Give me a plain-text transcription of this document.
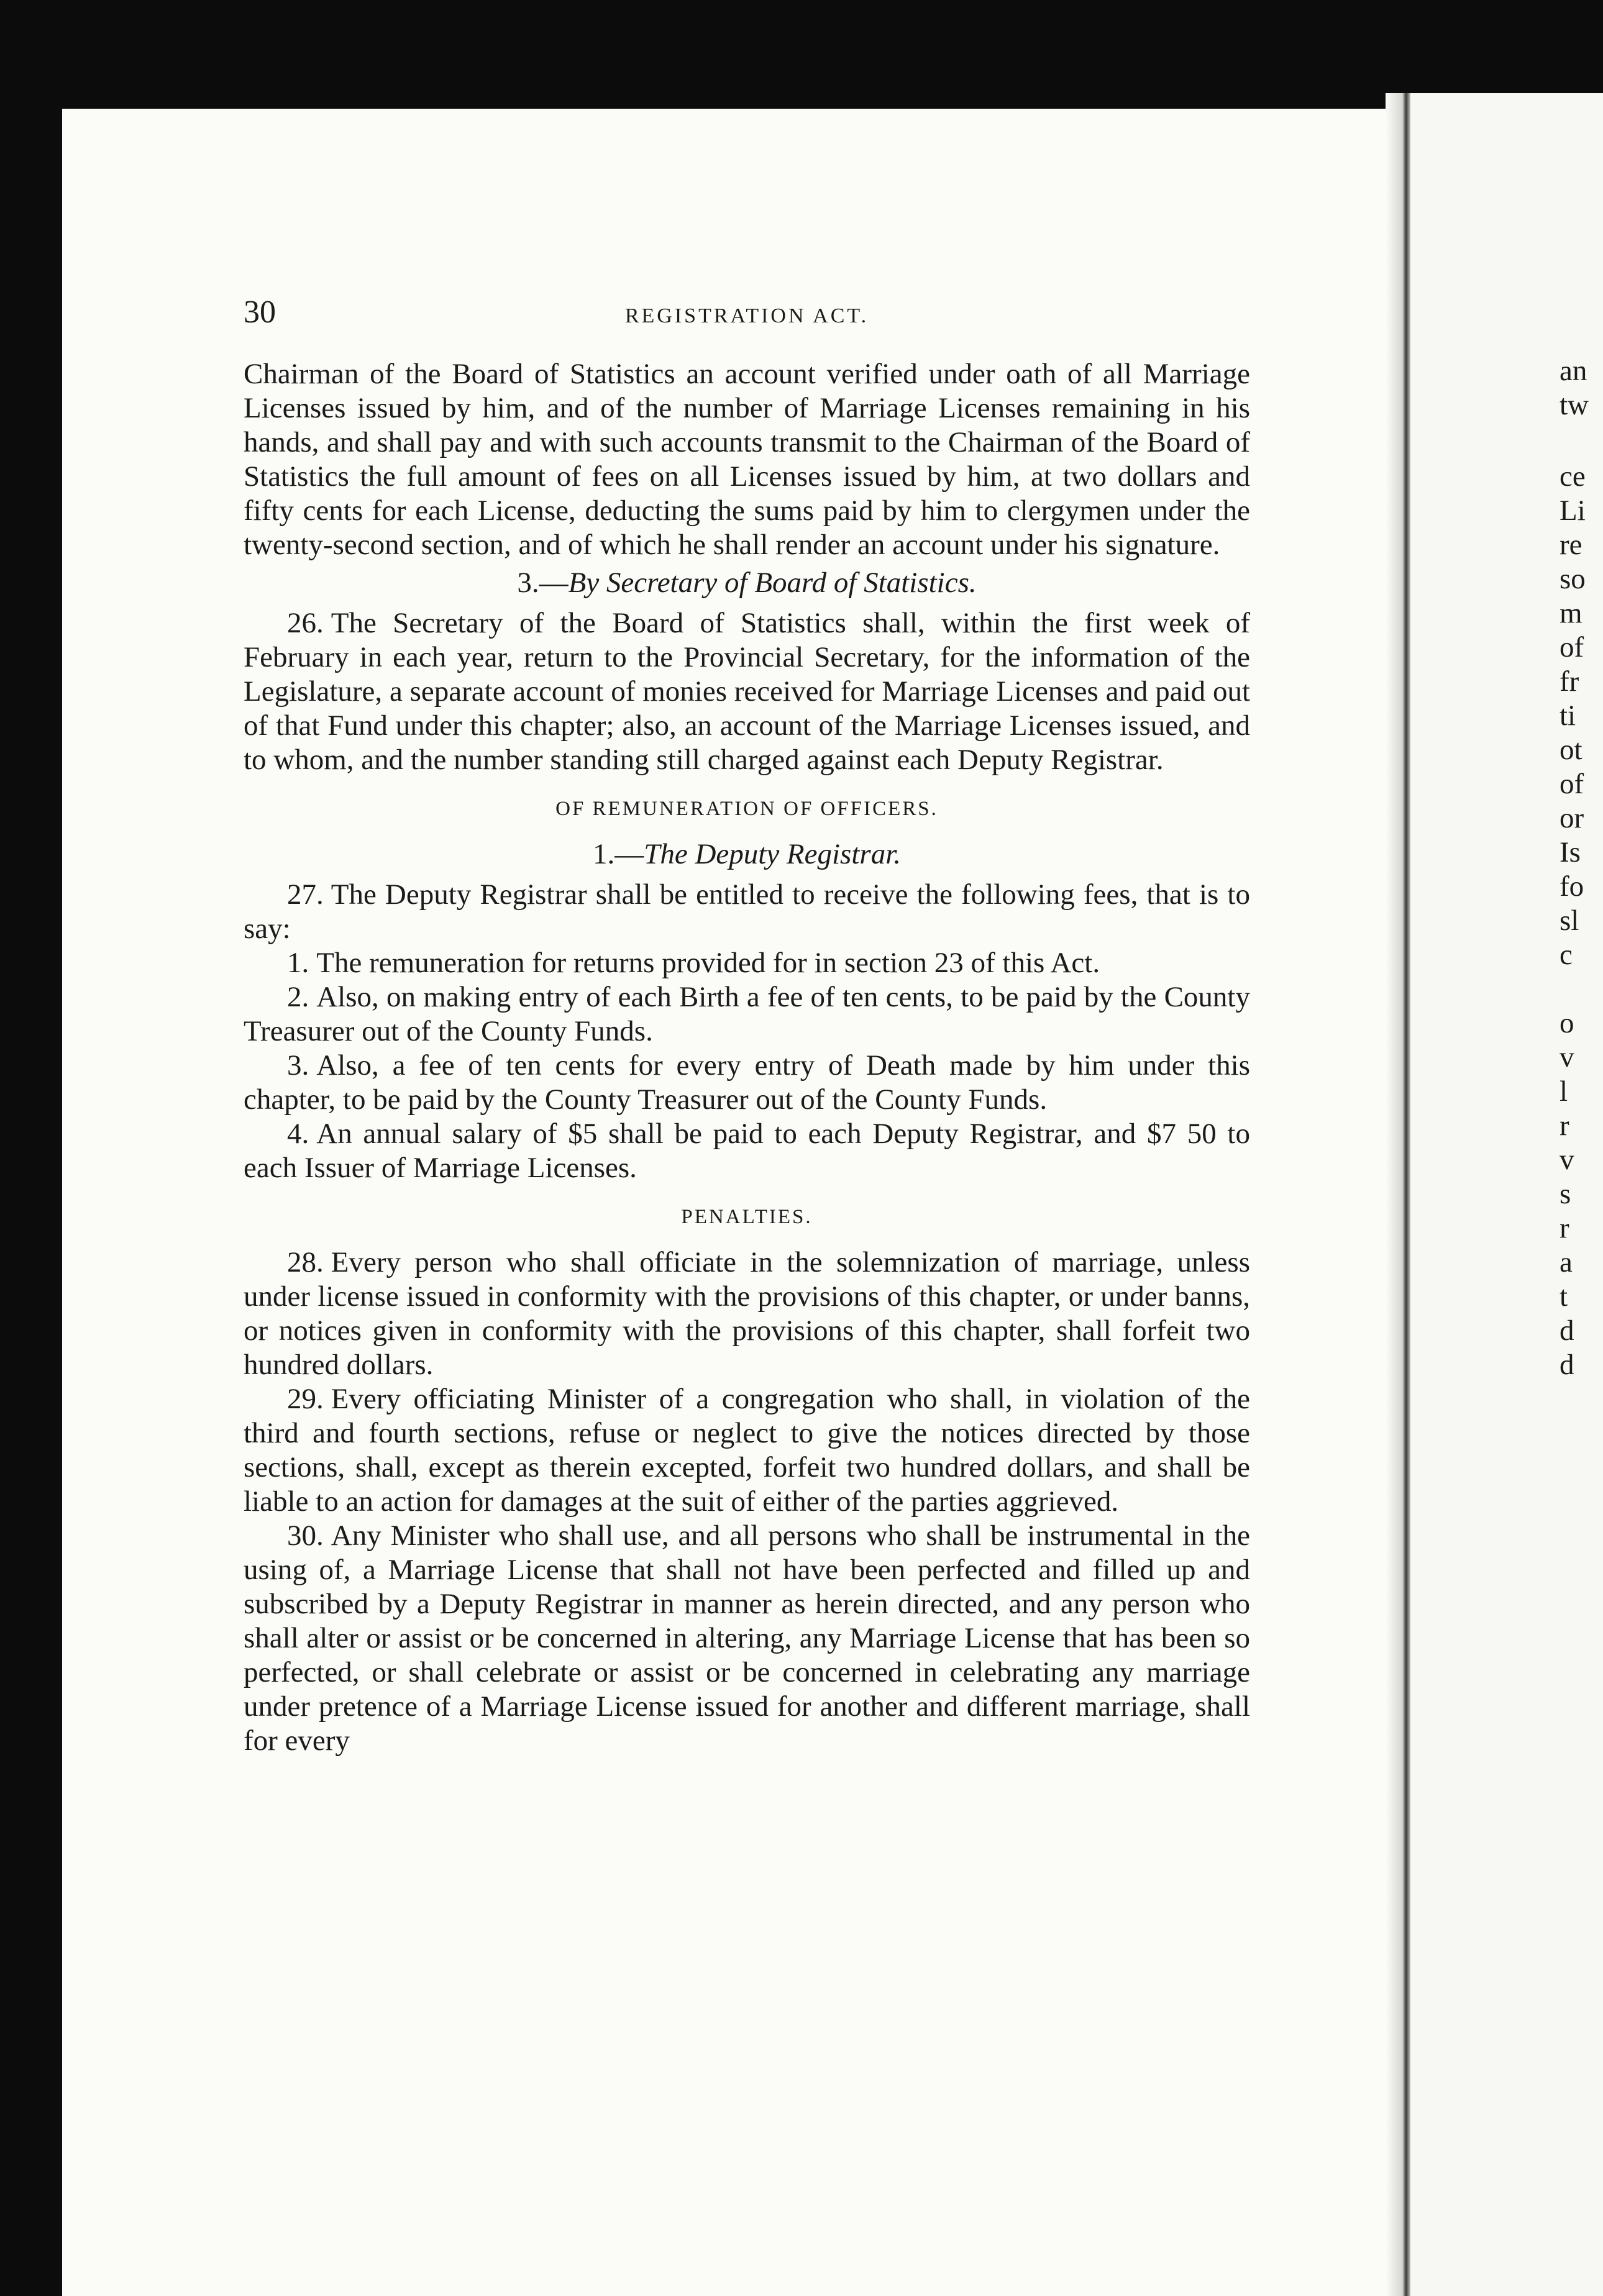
30	REGISTRATION ACT.

Chairman of the Board of Statistics an account verified under oath of all Marriage Licenses issued by him, and of the number of Marriage Licenses remaining in his hands, and shall pay and with such accounts transmit to the Chairman of the Board of Statistics the full amount of fees on all Licenses issued by him, at two dollars and fifty cents for each License, deducting the sums paid by him to clergymen under the twenty-second section, and of which he shall render an account under his signature.

3.—By Secretary of Board of Statistics.

26. The Secretary of the Board of Statistics shall, within the first week of February in each year, return to the Provincial Secretary, for the information of the Legislature, a separate account of monies received for Marriage Licenses and paid out of that Fund under this chapter; also, an account of the Marriage Licenses issued, and to whom, and the number standing still charged against each Deputy Registrar.

OF REMUNERATION OF OFFICERS.
1.—The Deputy Registrar.

27. The Deputy Registrar shall be entitled to receive the following fees, that is to say:

1. The remuneration for returns provided for in section 23 of this Act.

2. Also, on making entry of each Birth a fee of ten cents, to be paid by the County Treasurer out of the County Funds.

3. Also, a fee of ten cents for every entry of Death made by him under this chapter, to be paid by the County Treasurer out of the County Funds.

4. An annual salary of $5 shall be paid to each Deputy Registrar, and $7 50 to each Issuer of Marriage Licenses.

PENALTIES.

28. Every person who shall officiate in the solemnization of marriage, unless under license issued in conformity with the provisions of this chapter, or under banns, or notices given in conformity with the provisions of this chapter, shall forfeit two hundred dollars.

29. Every officiating Minister of a congregation who shall, in violation of the third and fourth sections, refuse or neglect to give the notices directed by those sections, shall, except as therein excepted, forfeit two hundred dollars, and shall be liable to an action for damages at the suit of either of the parties aggrieved.

30. Any Minister who shall use, and all persons who shall be instrumental in the using of, a Marriage License that shall not have been perfected and filled up and subscribed by a Deputy Registrar in manner as herein directed, and any person who shall alter or assist or be concerned in altering, any Marriage License that has been so perfected, or shall celebrate or assist or be concerned in celebrating any marriage under pretence of a Marriage License issued for another and different marriage, shall for every

an
tw
ce
Li
re
so
m
of
fr
ti
ot
of
or
Is
fo
sl
c
o
v
l
r
v
s
r
a
t
d
d
